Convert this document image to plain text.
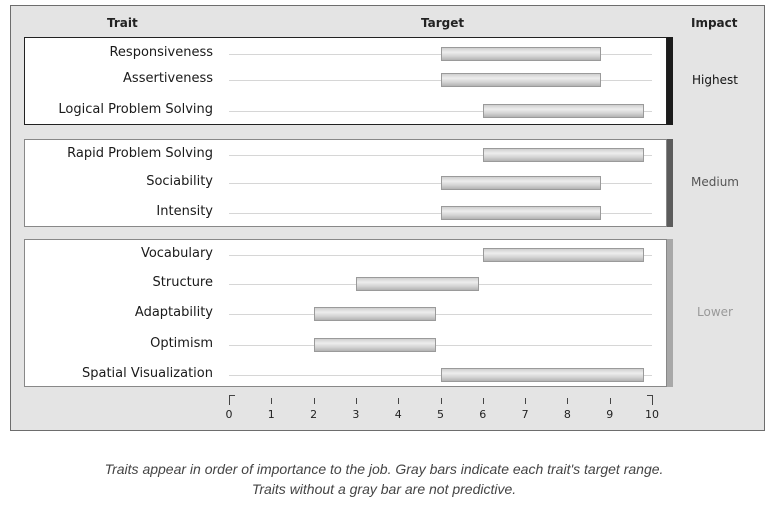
Trait	Target	Impact
Highest
Responsiveness
Assertiveness
Logical Problem Solving
Medium
Rapid Problem Solving
Sociability
Intensity
Lower
Vocabulary
Structure
Adaptability
Optimism
Spatial Visualization
0	1	2	3	4	5	6	7	8	9	10
Traits appear in order of importance to the job. Gray bars indicate each trait's target range.
Traits without a gray bar are not predictive.
